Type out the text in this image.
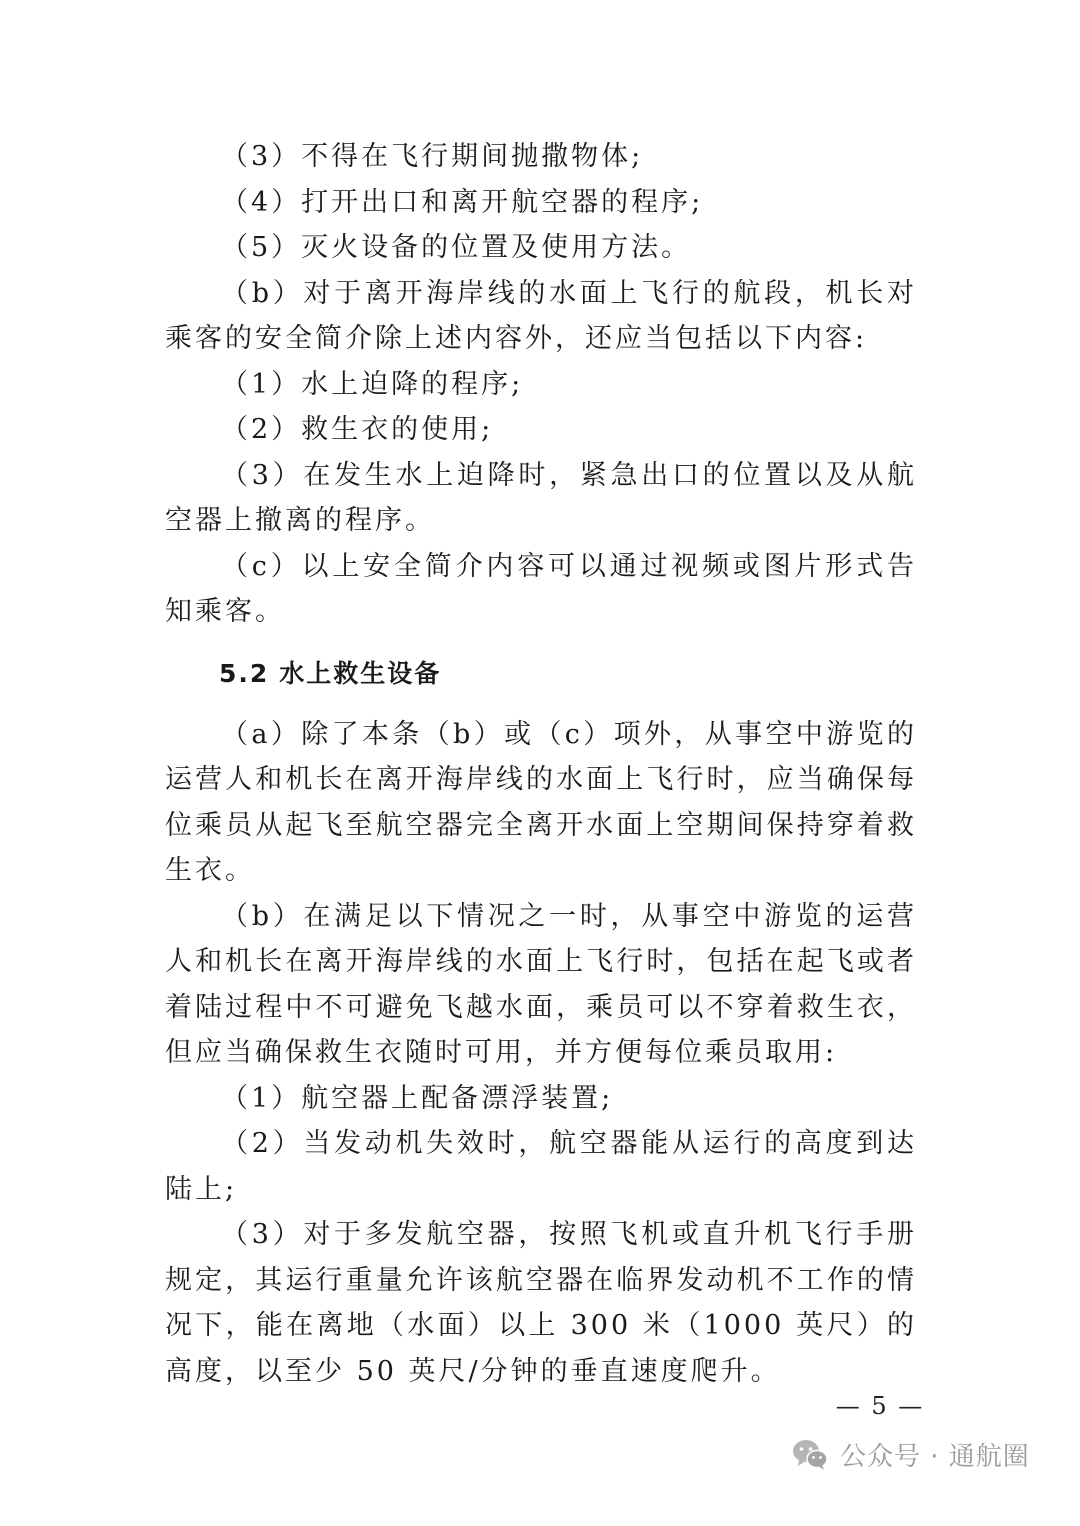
（3）不得在飞行期间抛撒物体;

（4）打开出口和离开航空器的程序;

（5）灭火设备的位置及使用方法。

（b）对于离开海岸线的水面上飞行的航段，机长对乘客的安全简介除上述内容外，还应当包括以下内容:

（1）水上迫降的程序;

（2）救生衣的使用;

（3）在发生水上迫降时，紧急出口的位置以及从航空器上撤离的程序。

（c）以上安全简介内容可以通过视频或图片形式告知乘客。

5.2 水上救生设备

（a）除了本条（b）或（c）项外，从事空中游览的运营人和机长在离开海岸线的水面上飞行时，应当确保每位乘员从起飞至航空器完全离开水面上空期间保持穿着救生衣。

（b）在满足以下情况之一时，从事空中游览的运营人和机长在离开海岸线的水面上飞行时，包括在起飞或者着陆过程中不可避免飞越水面，乘员可以不穿着救生衣，但应当确保救生衣随时可用，并方便每位乘员取用:

（1）航空器上配备漂浮装置;

（2）当发动机失效时，航空器能从运行的高度到达陆上;

（3）对于多发航空器，按照飞机或直升机飞行手册规定，其运行重量允许该航空器在临界发动机不工作的情况下，能在离地（水面）以上 300 米（1000 英尺）的高度，以至少 50 英尺/分钟的垂直速度爬升。

— 5 —
公众号 · 通航圈
